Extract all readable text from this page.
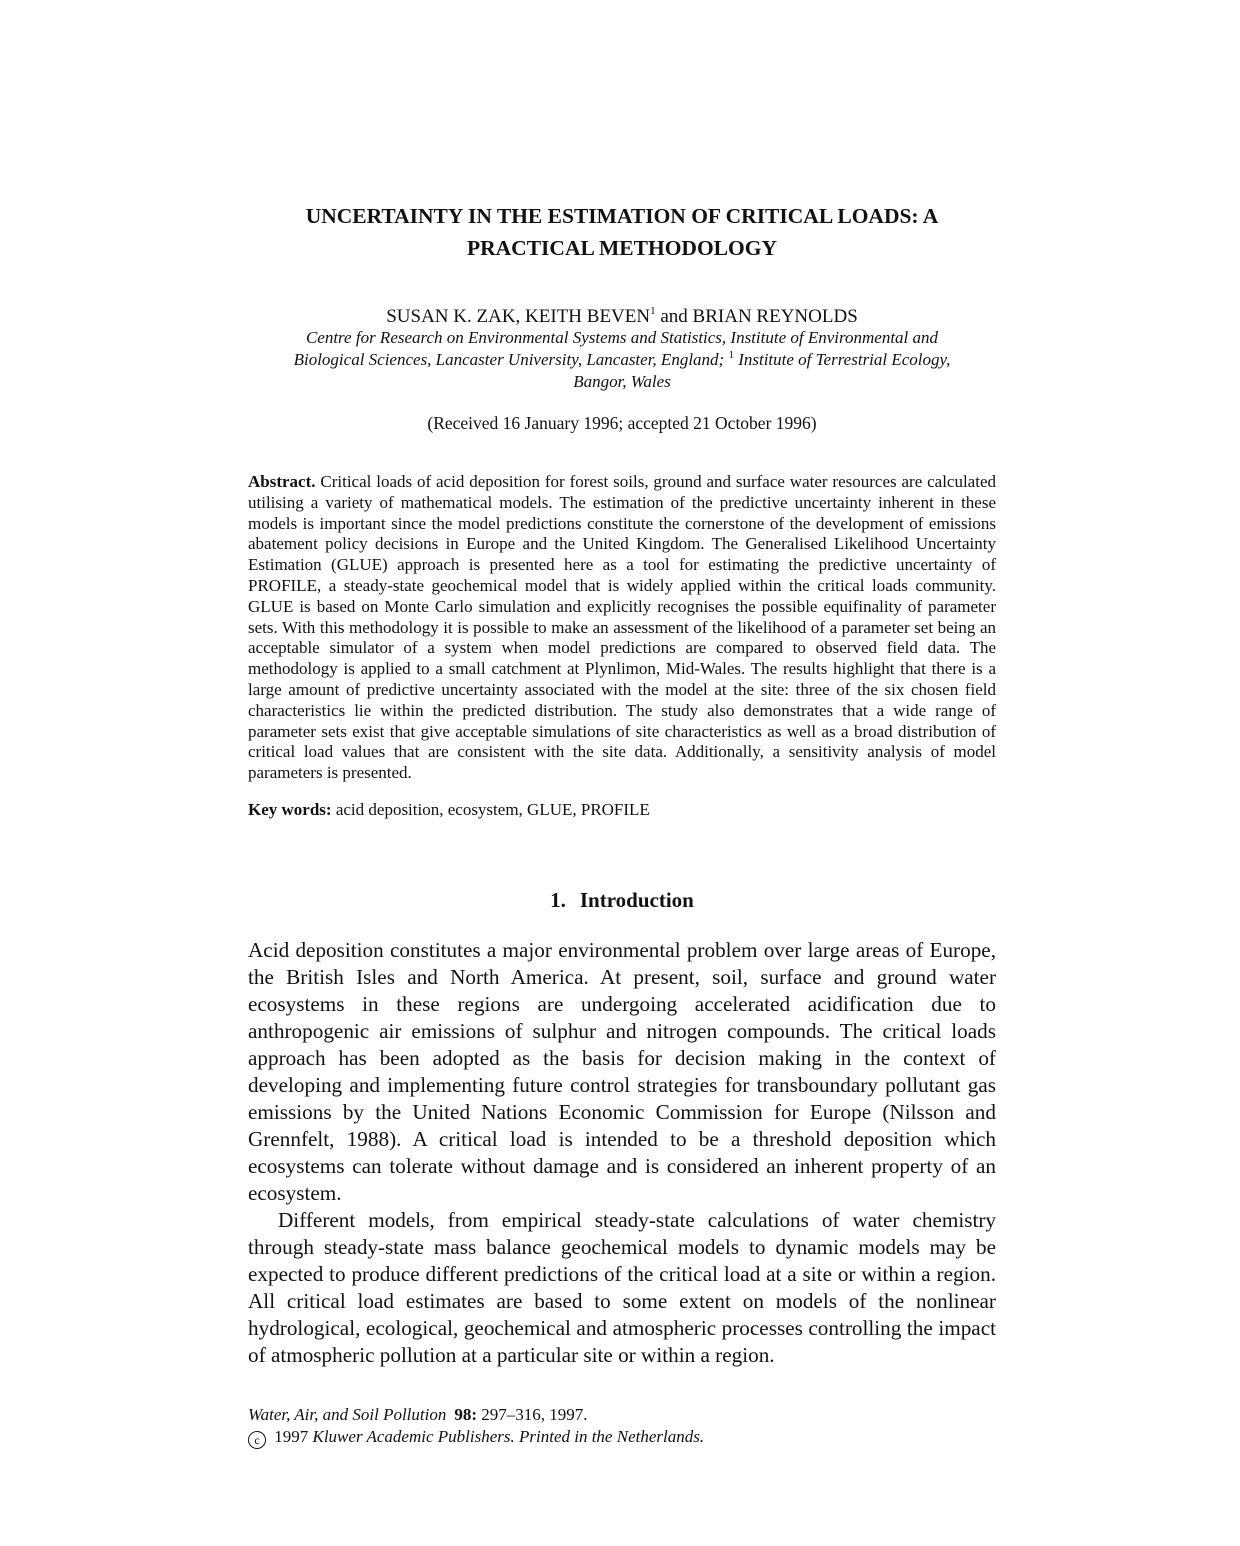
UNCERTAINTY IN THE ESTIMATION OF CRITICAL LOADS: A
PRACTICAL METHODOLOGY
SUSAN K. ZAK, KEITH BEVEN$^1$ and BRIAN REYNOLDS
Centre for Research on Environmental Systems and Statistics, Institute of Environmental and
Biological Sciences, Lancaster University, Lancaster, England; $^1$ Institute of Terrestrial Ecology,
Bangor, Wales
(Received 16 January 1996; accepted 21 October 1996)
Abstract. Critical loads of acid deposition for forest soils, ground and surface water resources are calculated utilising a variety of mathematical models. The estimation of the predictive uncertainty inherent in these models is important since the model predictions constitute the cornerstone of the development of emissions abatement policy decisions in Europe and the United Kingdom. The Generalised Likelihood Uncertainty Estimation (GLUE) approach is presented here as a tool for estimating the predictive uncertainty of PROFILE, a steady-state geochemical model that is widely applied within the critical loads community. GLUE is based on Monte Carlo simulation and explicitly recognises the possible equifinality of parameter sets. With this methodology it is possible to make an assessment of the likelihood of a parameter set being an acceptable simulator of a system when model predictions are compared to observed field data. The methodology is applied to a small catchment at Plynlimon, Mid-Wales. The results highlight that there is a large amount of predictive uncertainty associated with the model at the site: three of the six chosen field characteristics lie within the predicted distribution. The study also demonstrates that a wide range of parameter sets exist that give acceptable simulations of site characteristics as well as a broad distribution of critical load values that are consistent with the site data. Additionally, a sensitivity analysis of model parameters is presented.
Key words: acid deposition, ecosystem, GLUE, PROFILE
1. Introduction

Acid deposition constitutes a major environmental problem over large areas of Europe, the British Isles and North America. At present, soil, surface and ground water ecosystems in these regions are undergoing accelerated acidification due to anthropogenic air emissions of sulphur and nitrogen compounds. The critical loads approach has been adopted as the basis for decision making in the context of developing and implementing future control strategies for transboundary pollutant gas emissions by the United Nations Economic Commission for Europe (Nilsson and Grennfelt, 1988). A critical load is intended to be a threshold deposition which ecosystems can tolerate without damage and is considered an inherent property of an ecosystem.

Different models, from empirical steady-state calculations of water chemistry through steady-state mass balance geochemical models to dynamic models may be expected to produce different predictions of the critical load at a site or within a region. All critical load estimates are based to some extent on models of the nonlinear hydrological, ecological, geochemical and atmospheric processes controlling the impact of atmospheric pollution at a particular site or within a region.

Water, Air, and Soil Pollution 98: 297–316, 1997.
c 1997 Kluwer Academic Publishers. Printed in the Netherlands.
